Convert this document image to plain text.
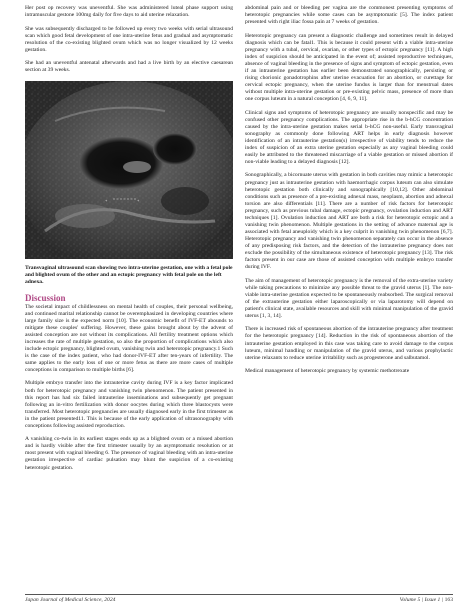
Her post op recovery was uneventful. She was administered luteal phase support using intramuscular gestone 100mg daily for five days to aid uterine relaxation.

She was subsequently discharged to be followed up every two weeks with serial ultrasound scan which good fetal development of one intra-uterine fetus and gradual and asymptomatic resolution of the co-existing blighted ovum which was no longer visualized by 12 weeks gestation.

She had an uneventful antenatal afterwards and had a live birth by an elective caesarean section at 39 weeks.

+	+

Transvaginal ultrasound scan showing two intra-uterine gestation, one with a fetal pole and blighted ovum of the other and an ectopic pregnancy with fetal pole on the left adnexa.

Discussion

The societal impact of childlessness on mental health of couples, their personal wellbeing, and continued marital relationship cannot be overemphasized in developing countries where large family size is the expected norm [10]. The economic benefit of IVF-ET abounds to mitigate these couples' suffering. However, these gains brought about by the advent of assisted conception are not without its complications. All fertility treatment options which increases the rate of multiple gestation, so also the proportion of complications which also include ectopic pregnancy, blighted ovum, vanishing twin and heterotopic pregnancy.1 Such is the case of the index patient, who had donor-IVF-ET after ten-years of infertility. The same applies to the early loss of one or more fetus as there are more cases of multiple conceptions in comparison to multiple births [6].

Multiple embryo transfer into the intrauterine cavity during IVF is a key factor implicated both for heterotopic pregnancy and vanishing twin phenomenon. The patient presented in this report has had six failed intrauterine inseminations and subsequently get pregnant following an in-vitro fertilization with donor oocytes during which three blastocysts were transferred. Most heterotopic pregnancies are usually diagnosed early in the first trimester as in the patient presented11. This is because of the early application of ultrasonography with conceptions following assisted reproduction.

A vanishing co-twin in its earliest stages ends up as a blighted ovum or a missed abortion and is hardly visible after the first trimester usually by an asymptomatic resolution or at most present with vaginal bleeding 6. The presence of vaginal bleeding with an intra-uterine gestation irrespective of cardiac pulsation may blunt the suspicion of a co-existing heterotopic gestation.

abdominal pain and or bleeding per vagina are the commonest presenting symptoms of heterotopic pregnancies while some cases can be asymptomatic [5]. The index patient presented with right iliac fossa pain at 7 weeks of gestation.

Heterotopic pregnancy can present a diagnostic challenge and sometimes result in delayed diagnosis which can be fatal1. This is because it could present with a viable intra-uterine pregnancy with a tubal, cervical, ovarian, or other types of ectopic pregnancy [11]. A high index of suspicion should be anticipated in the event of; assisted reproductive techniques, absence of vaginal bleeding in the presence of signs and symptom of ectopic gestation, even if an intrauterine gestation has earlier been demonstrated sonographically, persisting or rising chorionic gonadotrophins after uterine evacuation for an abortion, or curettage for cervical ectopic pregnancy, when the uterine fundus is larger than for menstrual dates without multiple intra-uterine gestation or pre-existing pelvic mass, presence of more than one corpus luteum in a natural conception [4, 6, 9, 11].

Clinical signs and symptoms of heterotopic pregnancy are usually nonspecific and may be confused other pregnancy complications. The appropriate rise in the b-hCG concentration caused by the intra-uterine gestation makes serial b-hCG non-useful. Early transvaginal sonography as commonly done following ART helps in early diagnosis however identification of an intrauterine gestation(s) irrespective of viability tends to reduce the index of suspicion of an extra uterine gestation especially as any vaginal bleeding could easily be attributed to the threatened miscarriage of a viable gestation or missed abortion if non-viable leading to a delayed diagnosis [12].

Sonographically, a bicornuate uterus with gestation in both cavities may mimic a heterotopic pregnancy just as intrauterine gestation with haemorrhagic corpus luteum can also simulate heterotopic gestation both clinically and sonographically [10,12]. Other abdominal conditions such as presence of a pre-existing adnexal mass, neoplasm, abortion and adnexal torsion are also differentials [11]. There are a number of risk factors for heterotopic pregnancy, such as previous tubal damage, ectopic pregnancy, ovulation induction and ART techniques [1]. Ovulation induction and ART are both a risk for heterotopic ectopic and a vanishing twin phenomenon. Multiple gestations in the setting of advance maternal age is associated with fetal aneuploidy which is a key culprit in vanishing twin phenomenon [6,7]. Heterotopic pregnancy and vanishing twin phenomenon separately can occur in the absence of any predisposing risk factors, and the detection of the intrauterine pregnancy does not exclude the possibility of the simultaneous existence of heterotopic pregnancy [13]. The risk factors present in our case are those of assisted conception with multiple embryo transfer during IVF.

The aim of management of heterotopic pregnancy is the removal of the extra-uterine variety while taking precautions to minimize any possible threat to the gravid uterus [1]. The non-viable intra-uterine gestation expected to be spontaneously reabsorbed. The surgical removal of the extrauterine gestation either laparoscopically or via laparotomy will depend on patient's clinical state, available resources and skill with minimal manipulation of the gravid uterus [1, 3, 14].

There is increased risk of spontaneous abortion of the intrauterine pregnancy after treatment for the heterotopic pregnancy [14]. Reduction in the risk of spontaneous abortion of the intrauterine gestation employed in this case was taking care to avoid damage to the corpus luteum, minimal handling or manipulation of the gravid uterus, and various prophylactic uterine relaxants to reduce uterine irritability such as progesterone and salbutamol.

Medical management of heterotopic pregnancy by systemic methotrexate

Japan Journal of Medical Science, 2024	Volume 5 | Issue 1 | 163
